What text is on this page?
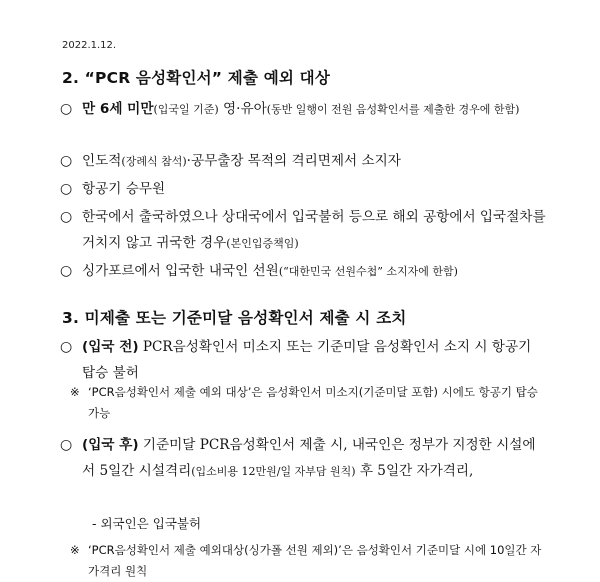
2022.1.12.
2. “PCR 음성확인서” 제출 예외 대상
○ 만 6세 미만(입국일 기준) 영·유아(동반 일행이 전원 음성확인서를 제출한 경우에 한함)
○ 인도적(장례식 참석)·공무출장 목적의 격리면제서 소지자
○ 항공기 승무원
○ 한국에서 출국하였으나 상대국에서 입국불허 등으로 해외 공항에서 입국절차를 거치지 않고 귀국한 경우(본인입증책임)
○ 싱가포르에서 입국한 내국인 선원(“대한민국 선원수첩” 소지자에 한함)
3. 미제출 또는 기준미달 음성확인서 제출 시 조치
○ (입국 전) PCR음성확인서 미소지 또는 기준미달 음성확인서 소지 시 항공기 탑승 불허
※ ‘PCR음성확인서 제출 예외 대상’은 음성확인서 미소지(기준미달 포함) 시에도 항공기 탑승 가능
○ (입국 후) 기준미달 PCR음성확인서 제출 시, 내국인은 정부가 지정한 시설에서 5일간 시설격리(입소비용 12만원/일 자부담 원칙) 후 5일간 자가격리,
- 외국인은 입국불허
※ ‘PCR음성확인서 제출 예외대상(싱가폴 선원 제외)’은 음성확인서 기준미달 시에 10일간 자가격리 원칙
